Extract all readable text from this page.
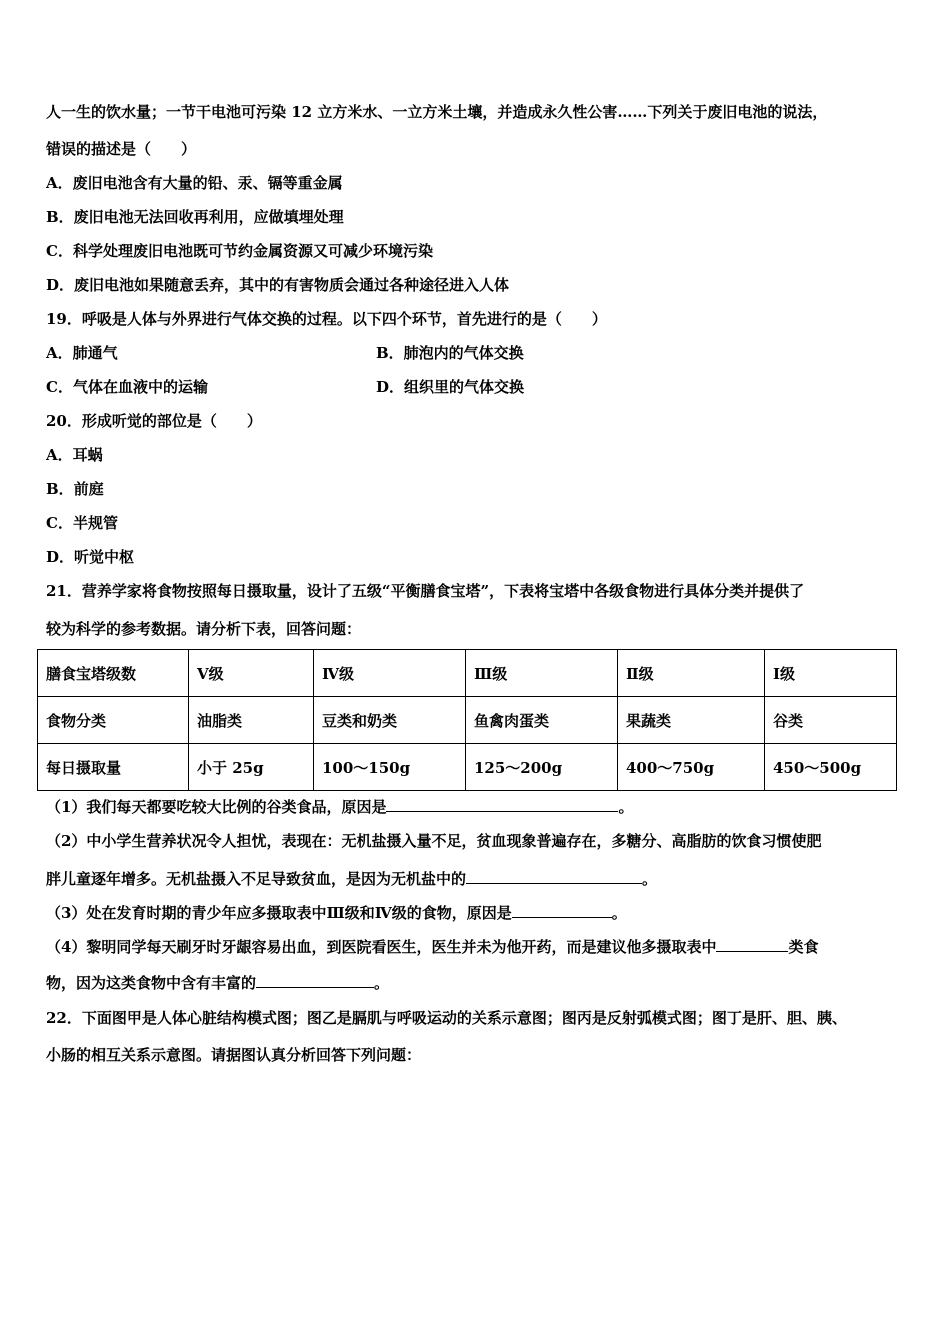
人一生的饮水量；一节干电池可污染 12 立方米水、一立方米土壤，并造成永久性公害……下列关于废旧电池的说法，
错误的描述是（　　）
A．废旧电池含有大量的铅、汞、镉等重金属
B．废旧电池无法回收再利用，应做填埋处理
C．科学处理废旧电池既可节约金属资源又可减少环境污染
D．废旧电池如果随意丢弃，其中的有害物质会通过各种途径进入人体
19．呼吸是人体与外界进行气体交换的过程。以下四个环节，首先进行的是（　　）
A．肺通气	B．肺泡内的气体交换
C．气体在血液中的运输	D．组织里的气体交换
20．形成听觉的部位是（　　）
A．耳蜗
B．前庭
C．半规管
D．听觉中枢
21．营养学家将食物按照每日摄取量，设计了五级“平衡膳食宝塔”，下表将宝塔中各级食物进行具体分类并提供了
较为科学的参考数据。请分析下表，回答问题：
膳食宝塔级数	Ⅴ级	Ⅳ级	Ⅲ级	Ⅱ级	Ⅰ级
食物分类	油脂类	豆类和奶类	鱼禽肉蛋类	果蔬类	谷类
每日摄取量	小于 25g	100～150g	125～200g	400～750g	450～500g
（1）我们每天都要吃较大比例的谷类食品，原因是	。
（2）中小学生营养状况令人担忧，表现在：无机盐摄入量不足，贫血现象普遍存在，多糖分、高脂肪的饮食习惯使肥
胖儿童逐年增多。无机盐摄入不足导致贫血，是因为无机盐中的	。
（3）处在发育时期的青少年应多摄取表中Ⅲ级和Ⅳ级的食物，原因是	。
（4）黎明同学每天刷牙时牙龈容易出血，到医院看医生，医生并未为他开药，而是建议他多摄取表中	类食
物，因为这类食物中含有丰富的	。
22．下面图甲是人体心脏结构模式图；图乙是膈肌与呼吸运动的关系示意图；图丙是反射弧模式图；图丁是肝、胆、胰、
小肠的相互关系示意图。请据图认真分析回答下列问题：
